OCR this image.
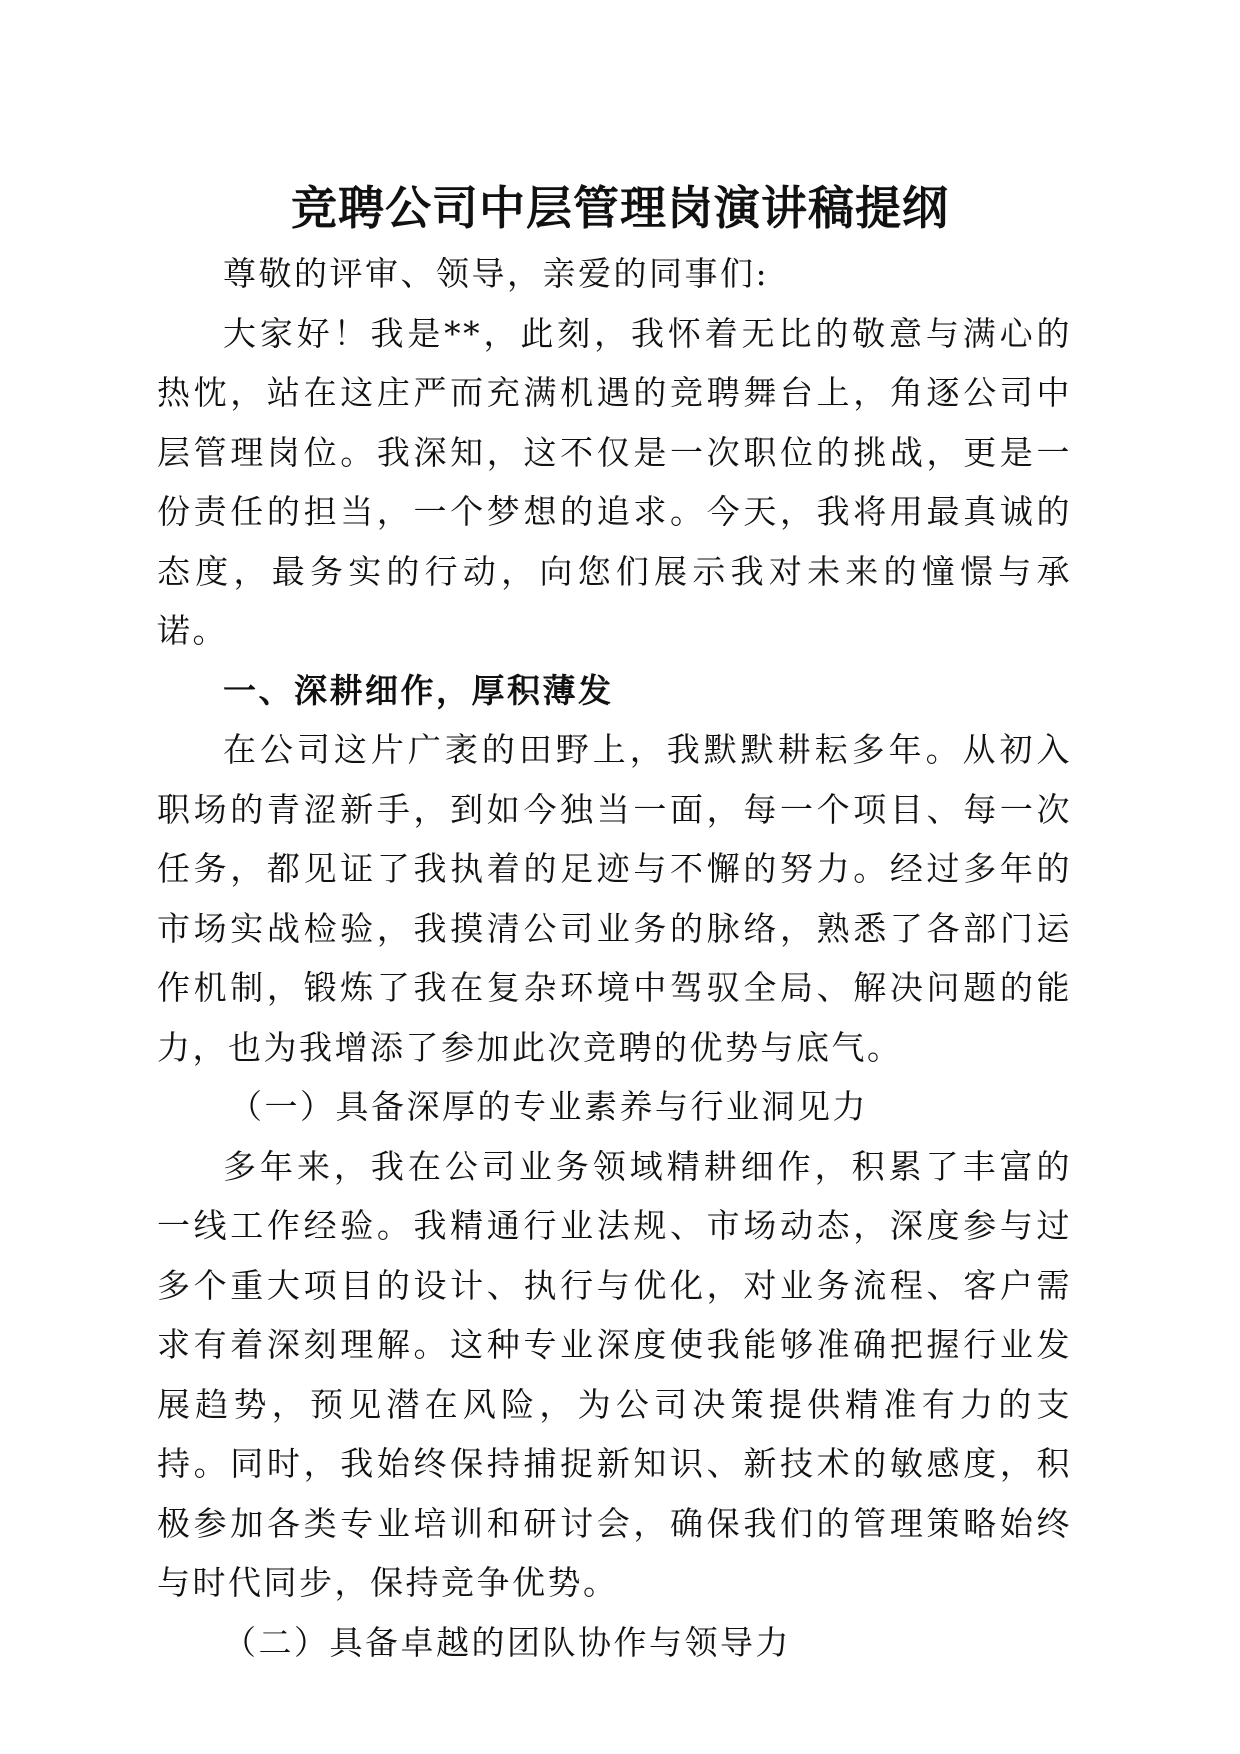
竞聘公司中层管理岗演讲稿提纲

尊敬的评审、领导，亲爱的同事们:

大家好！我是**，此刻，我怀着无比的敬意与满心的热忱，站在这庄严而充满机遇的竞聘舞台上，角逐公司中层管理岗位。我深知，这不仅是一次职位的挑战，更是一份责任的担当，一个梦想的追求。今天，我将用最真诚的态度，最务实的行动，向您们展示我对未来的憧憬与承诺。

一、深耕细作，厚积薄发

在公司这片广袤的田野上，我默默耕耘多年。从初入职场的青涩新手，到如今独当一面，每一个项目、每一次任务，都见证了我执着的足迹与不懈的努力。经过多年的市场实战检验，我摸清公司业务的脉络，熟悉了各部门运作机制，锻炼了我在复杂环境中驾驭全局、解决问题的能力，也为我增添了参加此次竞聘的优势与底气。

（一）具备深厚的专业素养与行业洞见力

多年来，我在公司业务领域精耕细作，积累了丰富的一线工作经验。我精通行业法规、市场动态，深度参与过多个重大项目的设计、执行与优化，对业务流程、客户需求有着深刻理解。这种专业深度使我能够准确把握行业发展趋势，预见潜在风险，为公司决策提供精准有力的支持。同时，我始终保持捕捉新知识、新技术的敏感度，积极参加各类专业培训和研讨会，确保我们的管理策略始终与时代同步，保持竞争优势。

（二）具备卓越的团队协作与领导力
